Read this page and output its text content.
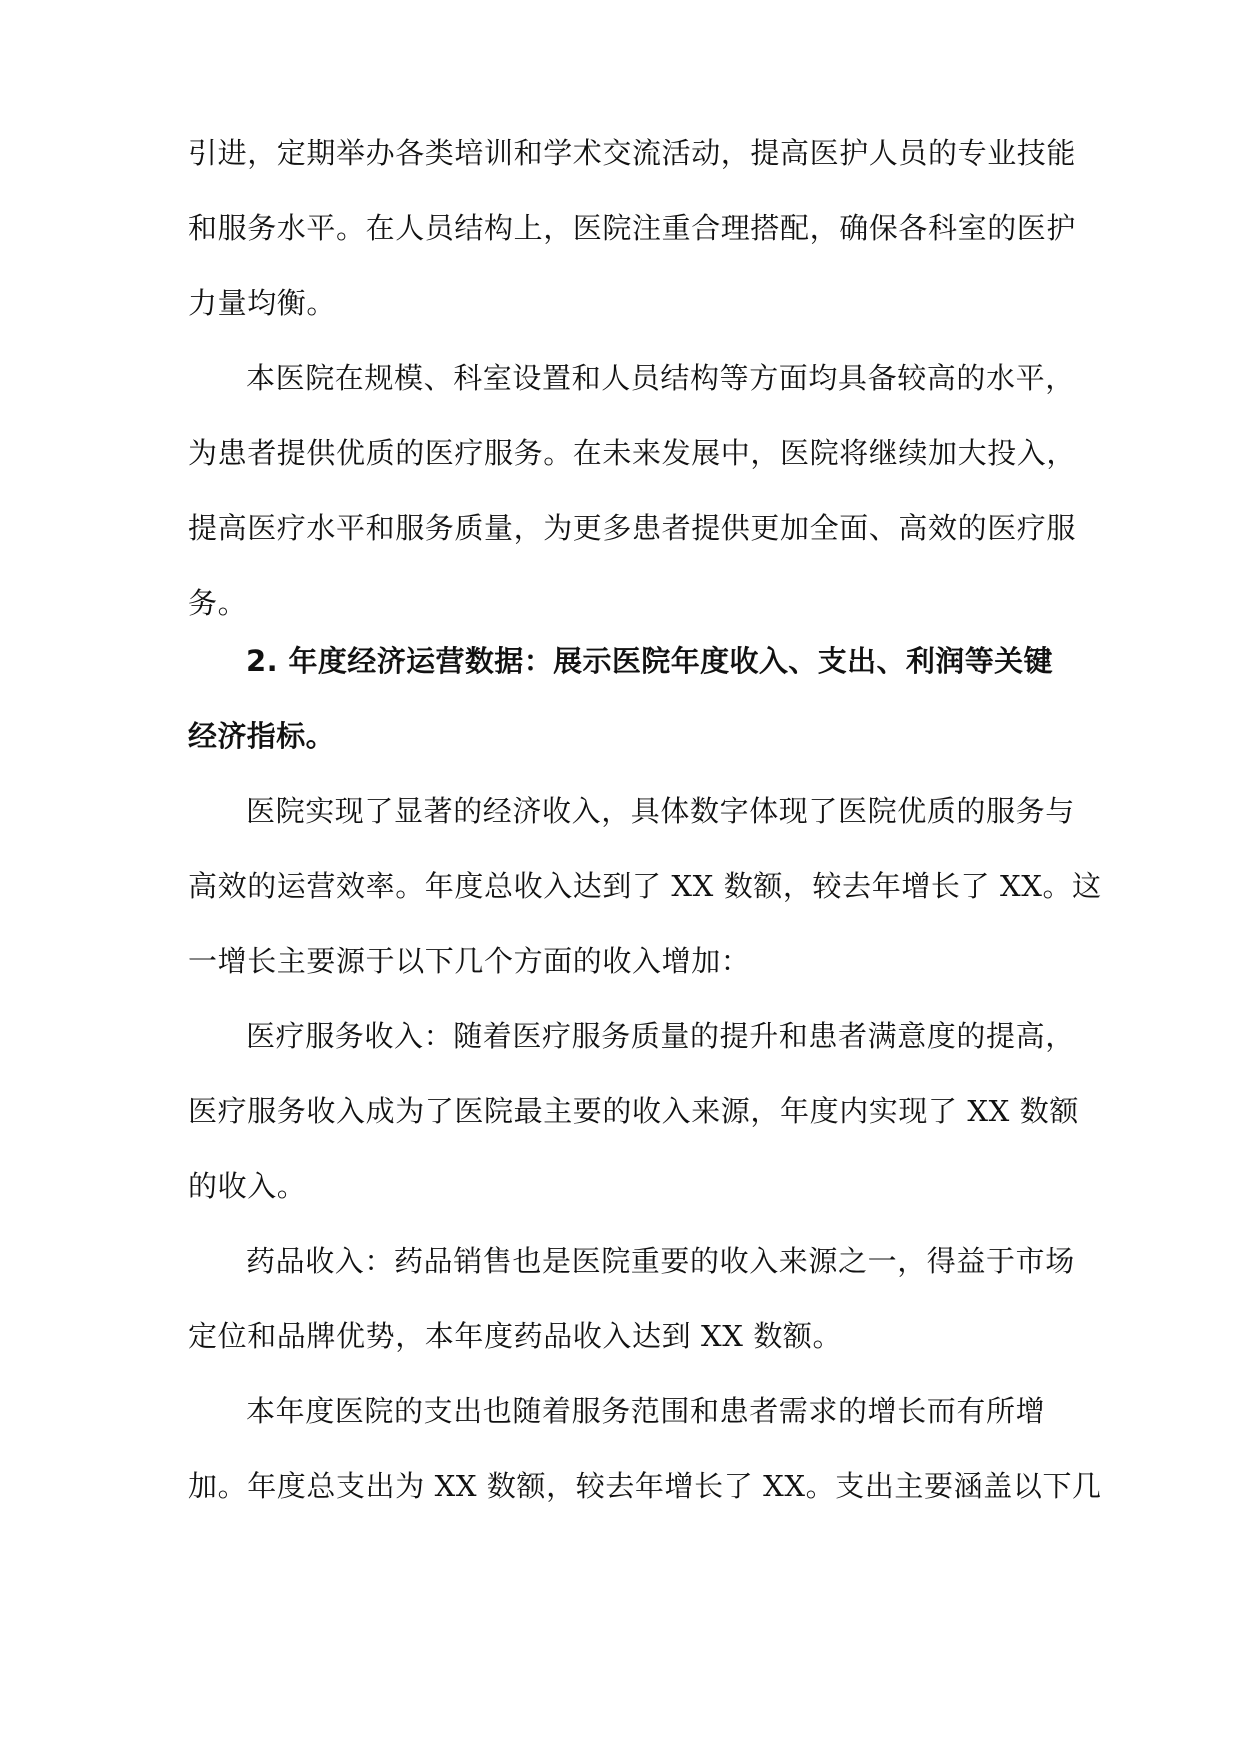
引进，定期举办各类培训和学术交流活动，提高医护人员的专业技能
和服务水平。在人员结构上，医院注重合理搭配，确保各科室的医护
力量均衡。
本医院在规模、科室设置和人员结构等方面均具备较高的水平，
为患者提供优质的医疗服务。在未来发展中，医院将继续加大投入，
提高医疗水平和服务质量，为更多患者提供更加全面、高效的医疗服
务。
2. 年度经济运营数据：展示医院年度收入、支出、利润等关键
经济指标。
医院实现了显著的经济收入，具体数字体现了医院优质的服务与
高效的运营效率。年度总收入达到了 XX 数额，较去年增长了 XX。这
一增长主要源于以下几个方面的收入增加：
医疗服务收入：随着医疗服务质量的提升和患者满意度的提高，
医疗服务收入成为了医院最主要的收入来源，年度内实现了 XX 数额
的收入。
药品收入：药品销售也是医院重要的收入来源之一，得益于市场
定位和品牌优势，本年度药品收入达到 XX 数额。
本年度医院的支出也随着服务范围和患者需求的增长而有所增
加。年度总支出为 XX 数额，较去年增长了 XX。支出主要涵盖以下几
